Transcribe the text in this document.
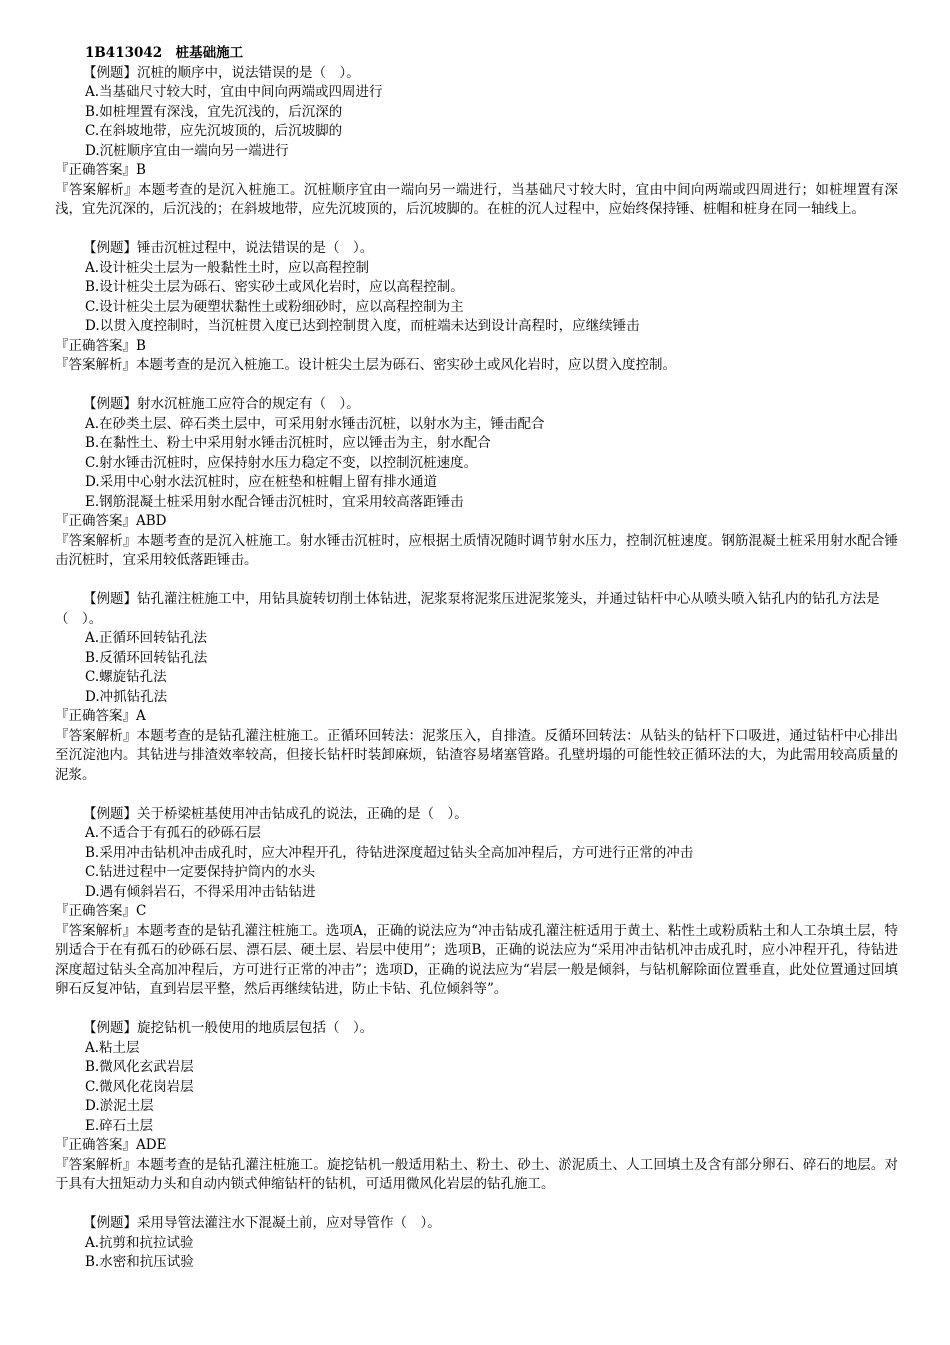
1B413042　桩基础施工

【例题】沉桩的顺序中，说法错误的是（　）。

A.当基础尺寸较大时，宜由中间向两端或四周进行
B.如桩埋置有深浅，宜先沉浅的，后沉深的
C.在斜坡地带，应先沉坡顶的，后沉坡脚的
D.沉桩顺序宜由一端向另一端进行

『正确答案』B

『答案解析』本题考查的是沉入桩施工。沉桩顺序宜由一端向另一端进行，当基础尺寸较大时，宜由中间向两端或四周进行；如桩埋置有深浅，宜先沉深的，后沉浅的；在斜坡地带，应先沉坡顶的，后沉坡脚的。在桩的沉人过程中，应始终保持锤、桩帽和桩身在同一轴线上。

【例题】锤击沉桩过程中，说法错误的是（　）。

A.设计桩尖土层为一般黏性土时，应以高程控制
B.设计桩尖土层为砾石、密实砂土或风化岩时，应以高程控制。
C.设计桩尖土层为硬塑状黏性土或粉细砂时，应以高程控制为主
D.以贯入度控制时，当沉桩贯入度已达到控制贯入度，而桩端未达到设计高程时，应继续锤击

『正确答案』B

『答案解析』本题考查的是沉入桩施工。设计桩尖土层为砾石、密实砂土或风化岩时，应以贯入度控制。

【例题】射水沉桩施工应符合的规定有（　）。

A.在砂类土层、碎石类土层中，可采用射水锤击沉桩，以射水为主，锤击配合
B.在黏性土、粉土中采用射水锤击沉桩时，应以锤击为主，射水配合
C.射水锤击沉桩时，应保持射水压力稳定不变，以控制沉桩速度。
D.采用中心射水法沉桩时，应在桩垫和桩帽上留有排水通道
E.钢筋混凝土桩采用射水配合锤击沉桩时，宜采用较高落距锤击

『正确答案』ABD

『答案解析』本题考查的是沉入桩施工。射水锤击沉桩时，应根据土质情况随时调节射水压力，控制沉桩速度。钢筋混凝土桩采用射水配合锤击沉桩时，宜采用较低落距锤击。

【例题】钻孔灌注桩施工中，用钻具旋转切削土体钻进，泥浆泵将泥浆压进泥浆笼头，并通过钻杆中心从喷头喷入钻孔内的钻孔方法是（　）。

A.正循环回转钻孔法
B.反循环回转钻孔法
C.螺旋钻孔法
D.冲抓钻孔法

『正确答案』A

『答案解析』本题考查的是钻孔灌注桩施工。正循环回转法：泥浆压入，自排渣。反循环回转法：从钻头的钻杆下口吸进，通过钻杆中心排出至沉淀池内。其钻进与排渣效率较高，但接长钻杆时装卸麻烦，钻渣容易堵塞管路。孔壁坍塌的可能性较正循环法的大，为此需用较高质量的泥浆。

【例题】关于桥梁桩基使用冲击钻成孔的说法，正确的是（　）。

A.不适合于有孤石的砂砾石层
B.采用冲击钻机冲击成孔时，应大冲程开孔，待钻进深度超过钻头全高加冲程后，方可进行正常的冲击
C.钻进过程中一定要保持护筒内的水头
D.遇有倾斜岩石，不得采用冲击钻钻进

『正确答案』C

『答案解析』本题考查的是钻孔灌注桩施工。选项A，正确的说法应为“冲击钻成孔灌注桩适用于黄土、粘性土或粉质粘土和人工杂填土层，特别适合于在有孤石的砂砾石层、漂石层、硬土层、岩层中使用”；选项B，正确的说法应为“采用冲击钻机冲击成孔时，应小冲程开孔，待钻进深度超过钻头全高加冲程后，方可进行正常的冲击”；选项D，正确的说法应为“岩层一般是倾斜，与钻机解除面位置垂直，此处位置通过回填卵石反复冲钻，直到岩层平整，然后再继续钻进，防止卡钻、孔位倾斜等”。

【例题】旋挖钻机一般使用的地质层包括（　）。

A.粘土层
B.微风化玄武岩层
C.微风化花岗岩层
D.淤泥土层
E.碎石土层

『正确答案』ADE

『答案解析』本题考查的是钻孔灌注桩施工。旋挖钻机一般适用粘土、粉土、砂土、淤泥质土、人工回填土及含有部分卵石、碎石的地层。对于具有大扭矩动力头和自动内锁式伸缩钻杆的钻机，可适用微风化岩层的钻孔施工。

【例题】采用导管法灌注水下混凝土前，应对导管作（　）。

A.抗剪和抗拉试验
B.水密和抗压试验
